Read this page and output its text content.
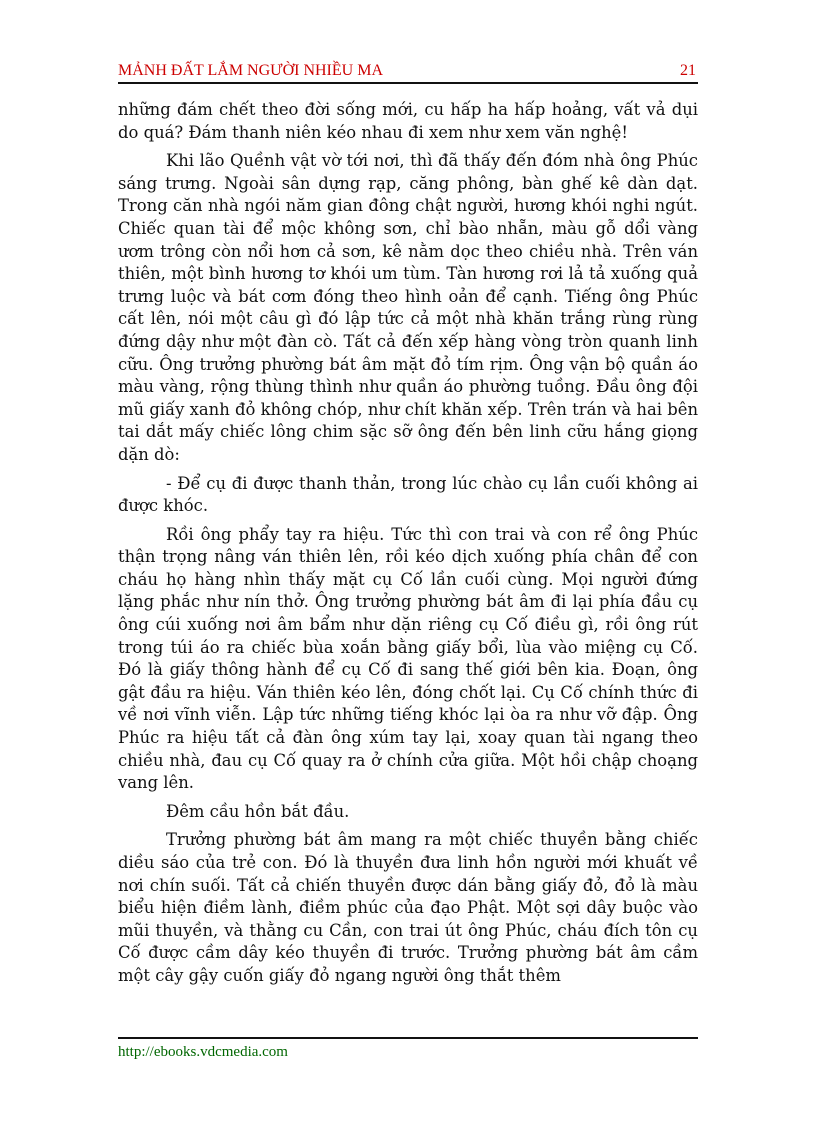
MẢNH ĐẤT LẮM NGƯỜI NHIỀU MA	21

những đám chết theo đời sống mới, cu hấp ha hấp hoảng, vất vả dụi do quá? Đám thanh niên kéo nhau đi xem như xem văn nghệ!

Khi lão Quềnh vật vờ tới nơi, thì đã thấy đến đóm nhà ông Phúc sáng trưng. Ngoài sân dựng rạp, căng phông, bàn ghế kê dàn dạt. Trong căn nhà ngói năm gian đông chật người, hương khói nghi ngút. Chiếc quan tài để mộc không sơn, chỉ bào nhẵn, màu gỗ dổi vàng ươm trông còn nổi hơn cả sơn, kê nằm dọc theo chiều nhà. Trên ván thiên, một bình hương tơ khói um tùm. Tàn hương rơi lả tả xuống quả trưng luộc và bát cơm đóng theo hình oản để cạnh. Tiếng ông Phúc cất lên, nói một câu gì đó lập tức cả một nhà khăn trắng rùng rùng đứng dậy như một đàn cò. Tất cả đến xếp hàng vòng tròn quanh linh cữu. Ông trưởng phường bát âm mặt đỏ tím rịm. Ông vận bộ quần áo màu vàng, rộng thùng thình như quần áo phường tuồng. Đầu ông đội mũ giấy xanh đỏ không chóp, như chít khăn xếp. Trên trán và hai bên tai dắt mấy chiếc lông chim sặc sỡ ông đến bên linh cữu hắng giọng dặn dò:

- Để cụ đi được thanh thản, trong lúc chào cụ lần cuối không ai được khóc.

Rồi ông phẩy tay ra hiệu. Tức thì con trai và con rể ông Phúc thận trọng nâng ván thiên lên, rồi kéo dịch xuống phía chân để con cháu họ hàng nhìn thấy mặt cụ Cố lần cuối cùng. Mọi người đứng lặng phắc như nín thở. Ông trưởng phường bát âm đi lại phía đầu cụ ông cúi xuống nơi âm bẩm như dặn riêng cụ Cố điều gì, rồi ông rút trong túi áo ra chiếc bùa xoắn bằng giấy bổi, lùa vào miệng cụ Cố. Đó là giấy thông hành để cụ Cố đi sang thế giới bên kia. Đoạn, ông gật đầu ra hiệu. Ván thiên kéo lên, đóng chốt lại. Cụ Cố chính thức đi về nơi vĩnh viễn. Lập tức những tiếng khóc lại òa ra như vỡ đập. Ông Phúc ra hiệu tất cả đàn ông xúm tay lại, xoay quan tài ngang theo chiều nhà, đau cụ Cố quay ra ở chính cửa giữa. Một hồi chập choạng vang lên.

Đêm cầu hồn bắt đầu.

Trưởng phường bát âm mang ra một chiếc thuyền bằng chiếc diều sáo của trẻ con. Đó là thuyền đưa linh hồn người mới khuất về nơi chín suối. Tất cả chiến thuyền được dán bằng giấy đỏ, đỏ là màu biểu hiện điềm lành, điềm phúc của đạo Phật. Một sợi dây buộc vào mũi thuyền, và thằng cu Cần, con trai út ông Phúc, cháu đích tôn cụ Cố được cầm dây kéo thuyền đi trước. Trưởng phường bát âm cầm một cây gậy cuốn giấy đỏ ngang người ông thắt thêm

http://ebooks.vdcmedia.com
